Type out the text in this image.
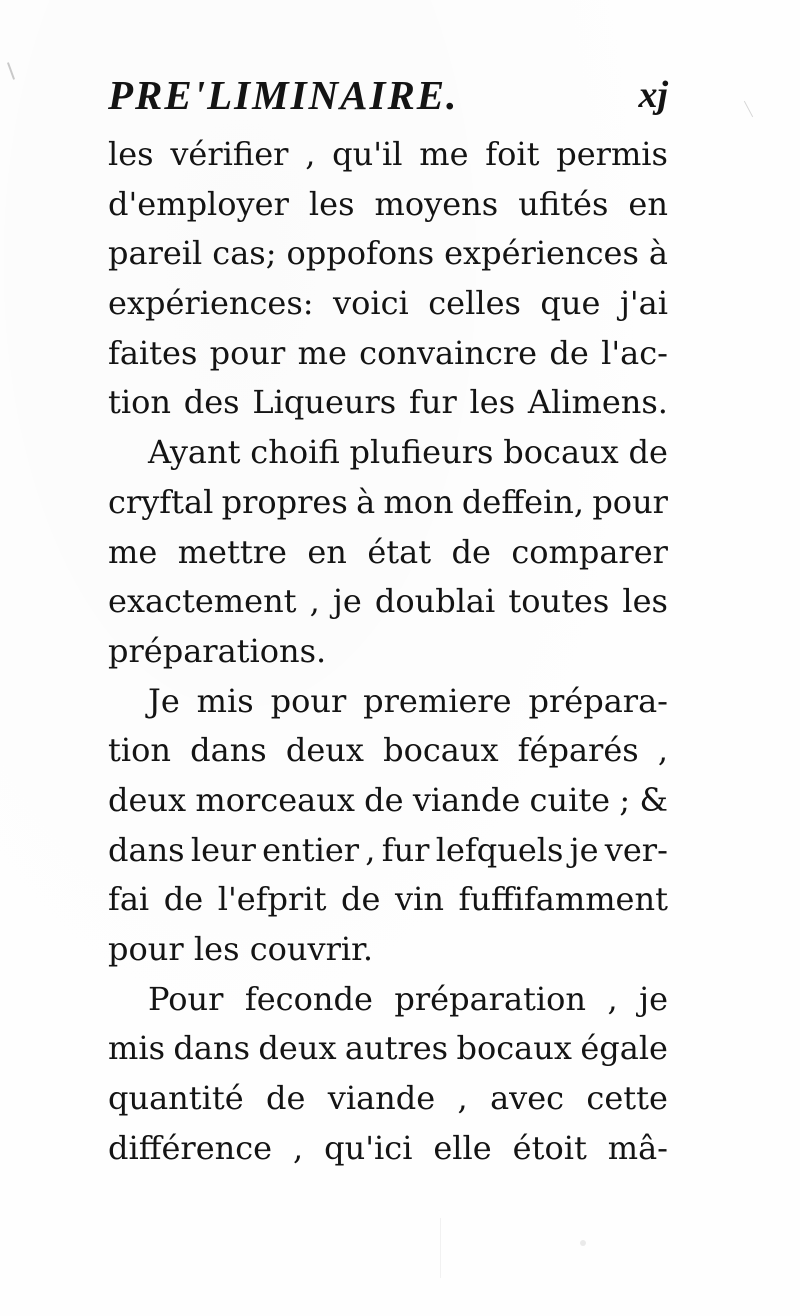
PRE'LIMINAIRE.	xj
les vérifier , qu'il me foit permis
d'employer les moyens ufités en
pareil cas; oppofons expériences à
expériences: voici celles que j'ai
faites pour me convaincre de l'ac-
tion des Liqueurs fur les Alimens.
Ayant choifi plufieurs bocaux de
cryftal propres à mon deffein, pour
me mettre en état de comparer
exactement , je doublai toutes les
préparations.
Je mis pour premiere prépara-
tion dans deux bocaux féparés ,
deux morceaux de viande cuite ; &
dans leur entier , fur lefquels je ver-
fai de l'efprit de vin fuffifamment
pour les couvrir.
Pour feconde préparation , je
mis dans deux autres bocaux égale
quantité de viande , avec cette
différence , qu'ici elle étoit mâ-
